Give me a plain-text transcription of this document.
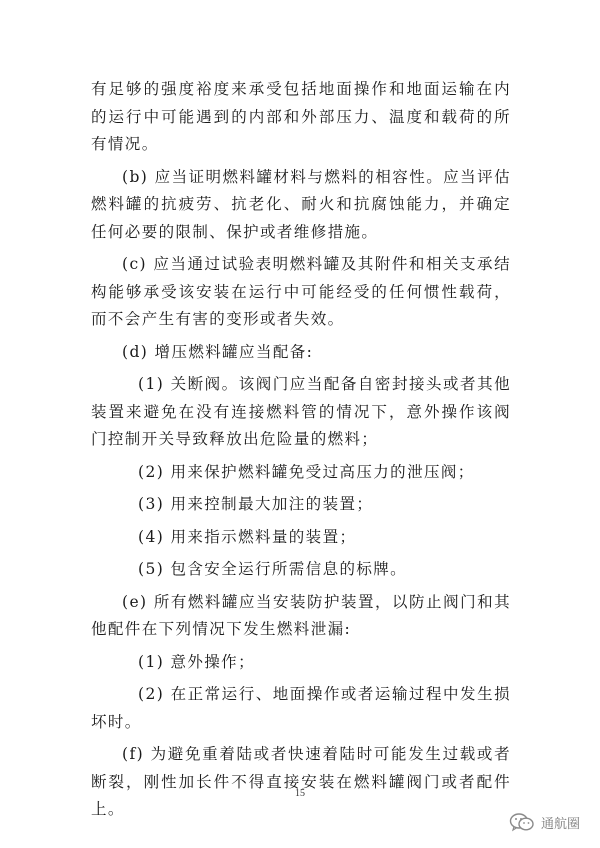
有足够的强度裕度来承受包括地面操作和地面运输在内的运行中可能遇到的内部和外部压力、温度和载荷的所有情况。

(b) 应当证明燃料罐材料与燃料的相容性。应当评估燃料罐的抗疲劳、抗老化、耐火和抗腐蚀能力，并确定任何必要的限制、保护或者维修措施。

(c) 应当通过试验表明燃料罐及其附件和相关支承结构能够承受该安装在运行中可能经受的任何惯性载荷，而不会产生有害的变形或者失效。

(d) 增压燃料罐应当配备:

(1) 关断阀。该阀门应当配备自密封接头或者其他装置来避免在没有连接燃料管的情况下，意外操作该阀门控制开关导致释放出危险量的燃料；

(2) 用来保护燃料罐免受过高压力的泄压阀；

(3) 用来控制最大加注的装置；

(4) 用来指示燃料量的装置；

(5) 包含安全运行所需信息的标牌。

(e) 所有燃料罐应当安装防护装置，以防止阀门和其他配件在下列情况下发生燃料泄漏:

(1) 意外操作；

(2) 在正常运行、地面操作或者运输过程中发生损坏时。

(f) 为避免重着陆或者快速着陆时可能发生过载或者断裂，刚性加长件不得直接安装在燃料罐阀门或者配件上。

15
通航圈
